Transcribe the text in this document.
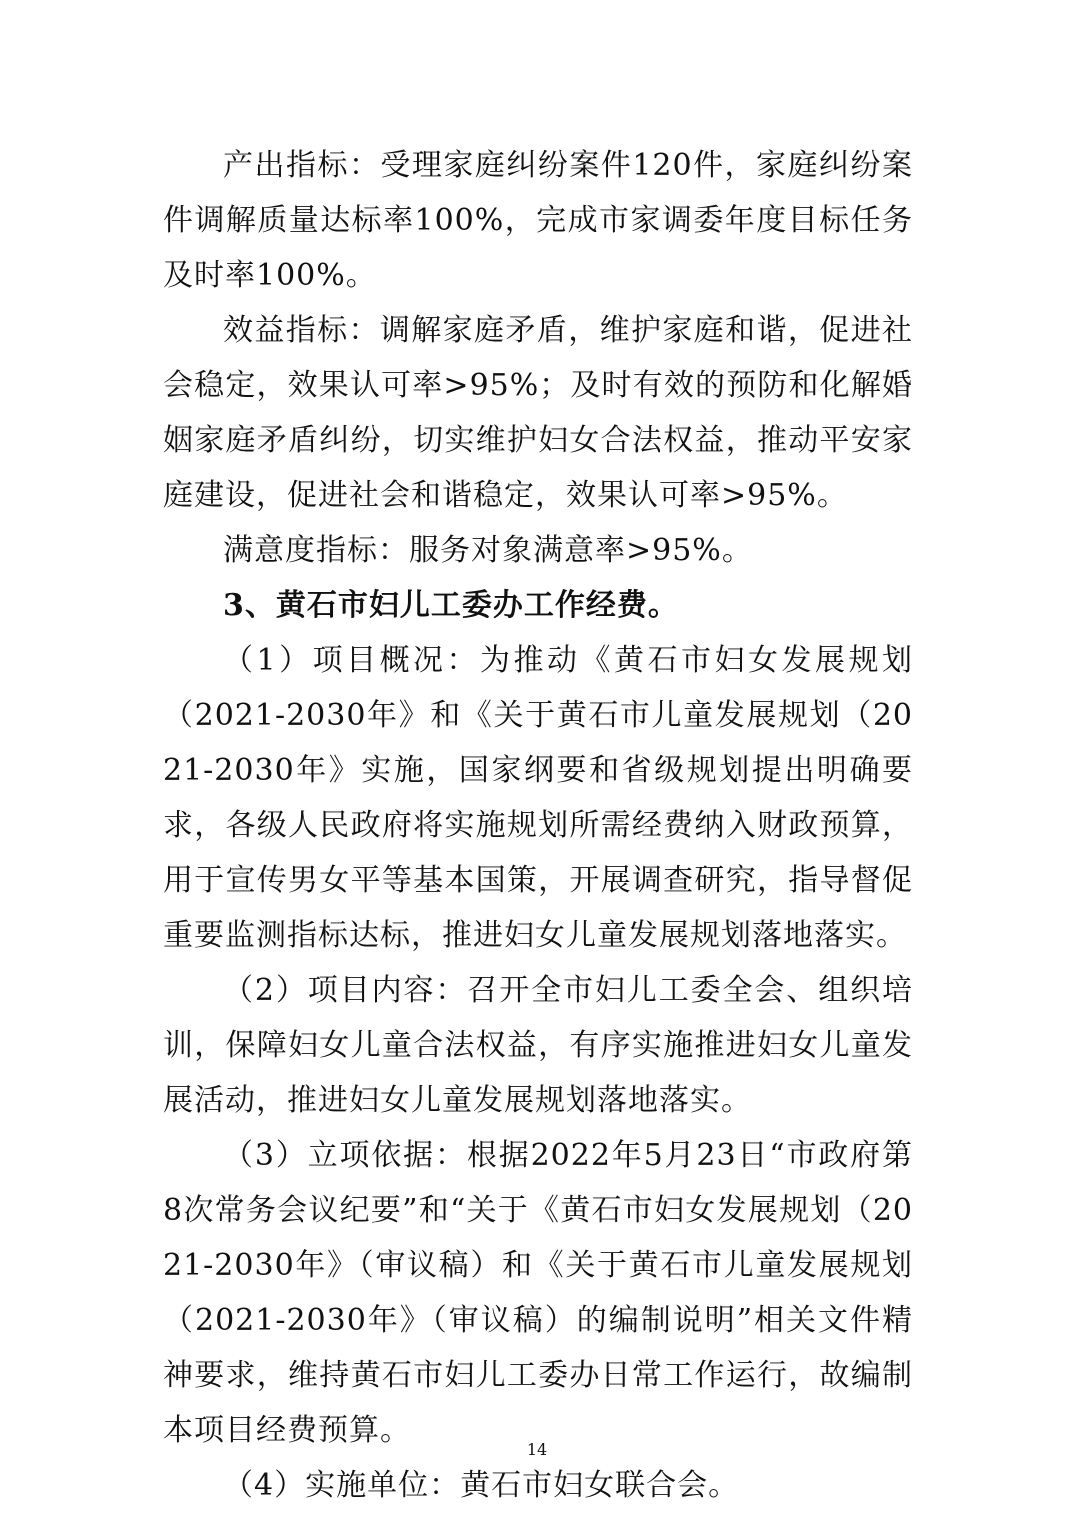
产出指标：受理家庭纠纷案件120件，家庭纠纷案件调解质量达标率100%，完成市家调委年度目标任务及时率100%。

效益指标：调解家庭矛盾，维护家庭和谐，促进社会稳定，效果认可率>95%；及时有效的预防和化解婚姻家庭矛盾纠纷，切实维护妇女合法权益，推动平安家庭建设，促进社会和谐稳定，效果认可率>95%。

满意度指标：服务对象满意率>95%。

3、黄石市妇儿工委办工作经费。

（1）项目概况：为推动《黄石市妇女发展规划（2021-2030年》和《关于黄石市儿童发展规划（2021-2030年》实施，国家纲要和省级规划提出明确要求，各级人民政府将实施规划所需经费纳入财政预算，用于宣传男女平等基本国策，开展调查研究，指导督促重要监测指标达标，推进妇女儿童发展规划落地落实。

（2）项目内容：召开全市妇儿工委全会、组织培训，保障妇女儿童合法权益，有序实施推进妇女儿童发展活动，推进妇女儿童发展规划落地落实。

（3）立项依据：根据2022年5月23日“市政府第8次常务会议纪要”和“关于《黄石市妇女发展规划（2021-2030年》（审议稿）和《关于黄石市儿童发展规划（2021-2030年》（审议稿）的编制说明”相关文件精神要求，维持黄石市妇儿工委办日常工作运行，故编制本项目经费预算。

（4）实施单位：黄石市妇女联合会。

14
